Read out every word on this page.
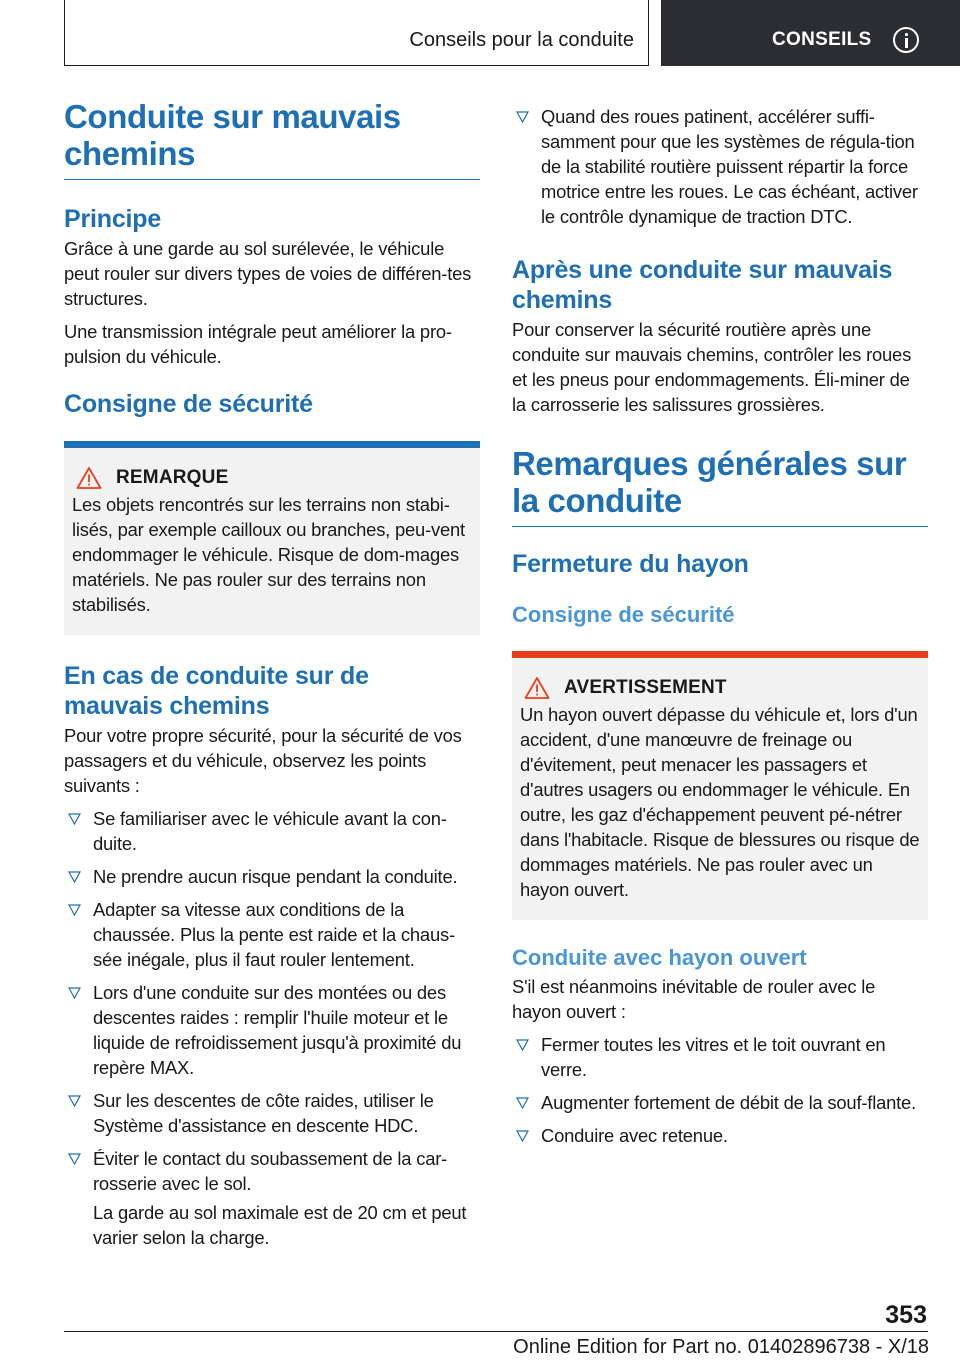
Conseils pour la conduite	CONSEILS
Conduite sur mauvais chemins
Principe

Grâce à une garde au sol surélevée, le véhicule peut rouler sur divers types de voies de différen-tes structures.

Une transmission intégrale peut améliorer la pro-pulsion du véhicule.

Consigne de sécurité
REMARQUE

Les objets rencontrés sur les terrains non stabi-lisés, par exemple cailloux ou branches, peu-vent endommager le véhicule. Risque de dom-mages matériels. Ne pas rouler sur des terrains non stabilisés.

En cas de conduite sur de mauvais chemins

Pour votre propre sécurité, pour la sécurité de vos passagers et du véhicule, observez les points suivants :

Se familiariser avec le véhicule avant la con-duite.
Ne prendre aucun risque pendant la conduite.
Adapter sa vitesse aux conditions de la chaussée. Plus la pente est raide et la chaus-sée inégale, plus il faut rouler lentement.
Lors d'une conduite sur des montées ou des descentes raides : remplir l'huile moteur et le liquide de refroidissement jusqu'à proximité du repère MAX.
Sur les descentes de côte raides, utiliser le Système d'assistance en descente HDC.
Éviter le contact du soubassement de la car-rosserie avec le sol.

La garde au sol maximale est de 20 cm et peut varier selon la charge.

Quand des roues patinent, accélérer suffi-samment pour que les systèmes de régula-tion de la stabilité routière puissent répartir la force motrice entre les roues. Le cas échéant, activer le contrôle dynamique de traction DTC.
Après une conduite sur mauvais chemins

Pour conserver la sécurité routière après une conduite sur mauvais chemins, contrôler les roues et les pneus pour endommagements. Éli-miner de la carrosserie les salissures grossières.

Remarques générales sur la conduite
Fermeture du hayon
Consigne de sécurité
AVERTISSEMENT

Un hayon ouvert dépasse du véhicule et, lors d'un accident, d'une manœuvre de freinage ou d'évitement, peut menacer les passagers et d'autres usagers ou endommager le véhicule. En outre, les gaz d'échappement peuvent pé-nétrer dans l'habitacle. Risque de blessures ou risque de dommages matériels. Ne pas rouler avec un hayon ouvert.

Conduite avec hayon ouvert

S'il est néanmoins inévitable de rouler avec le hayon ouvert :

Fermer toutes les vitres et le toit ouvrant en verre.
Augmenter fortement de débit de la souf-flante.
Conduire avec retenue.
353
Online Edition for Part no. 01402896738 - X/18
